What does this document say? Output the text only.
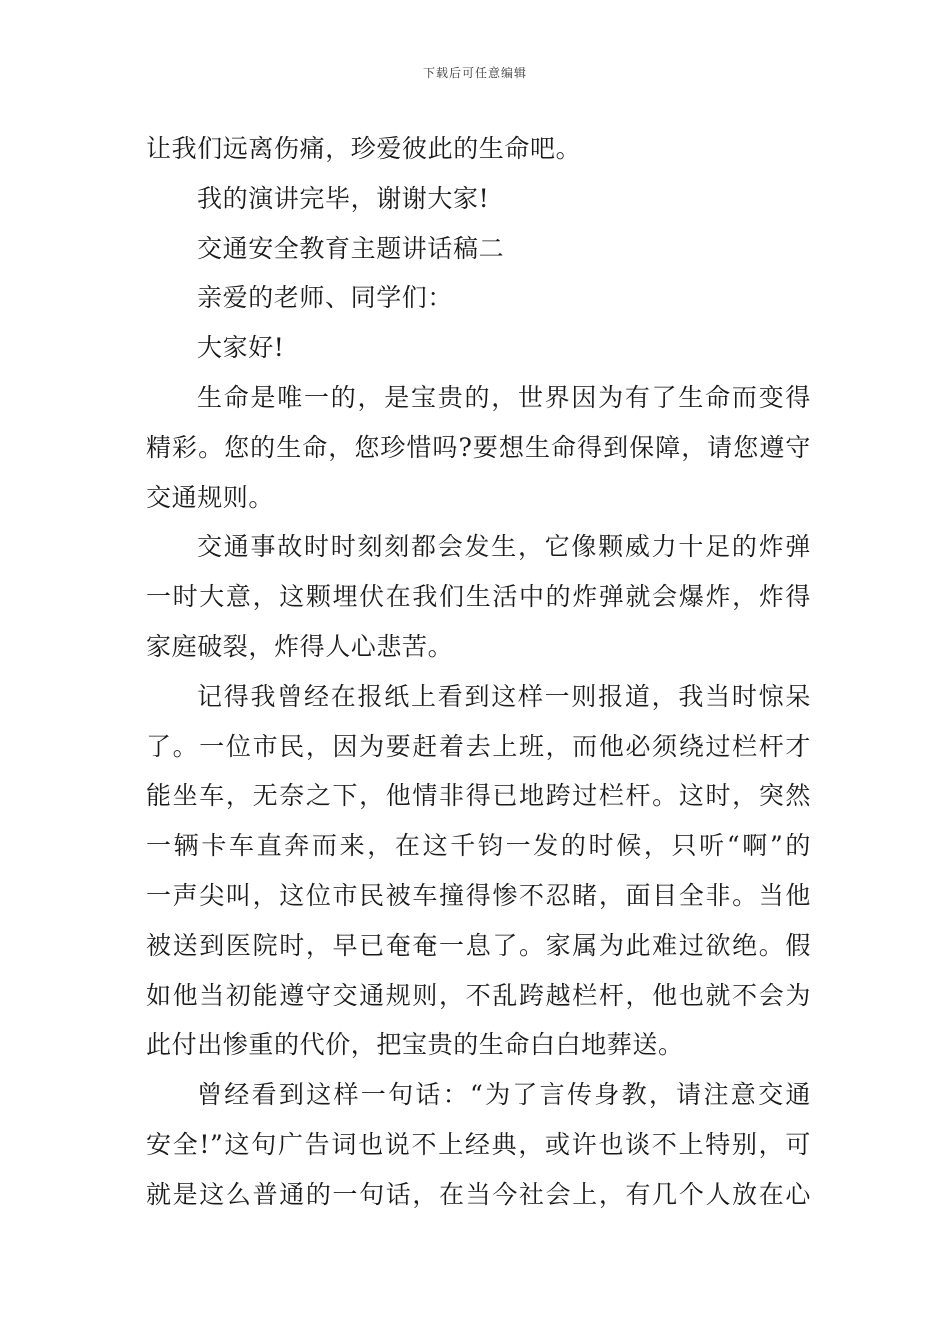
下载后可任意编辑
让我们远离伤痛，珍爱彼此的生命吧。
我的演讲完毕，谢谢大家!
交通安全教育主题讲话稿二
亲爱的老师、同学们：
大家好!
生命是唯一的，是宝贵的，世界因为有了生命而变得
精彩。您的生命，您珍惜吗?要想生命得到保障，请您遵守
交通规则。
交通事故时时刻刻都会发生，它像颗威力十足的炸弹
一时大意，这颗埋伏在我们生活中的炸弹就会爆炸，炸得
家庭破裂，炸得人心悲苦。
记得我曾经在报纸上看到这样一则报道，我当时惊呆
了。一位市民，因为要赶着去上班，而他必须绕过栏杆才
能坐车，无奈之下，他情非得已地跨过栏杆。这时，突然
一辆卡车直奔而来，在这千钧一发的时候，只听“啊”的
一声尖叫，这位市民被车撞得惨不忍睹，面目全非。当他
被送到医院时，早已奄奄一息了。家属为此难过欲绝。假
如他当初能遵守交通规则，不乱跨越栏杆，他也就不会为
此付出惨重的代价，把宝贵的生命白白地葬送。
曾经看到这样一句话：“为了言传身教，请注意交通
安全!”这句广告词也说不上经典，或许也谈不上特别，可
就是这么普通的一句话，在当今社会上，有几个人放在心
